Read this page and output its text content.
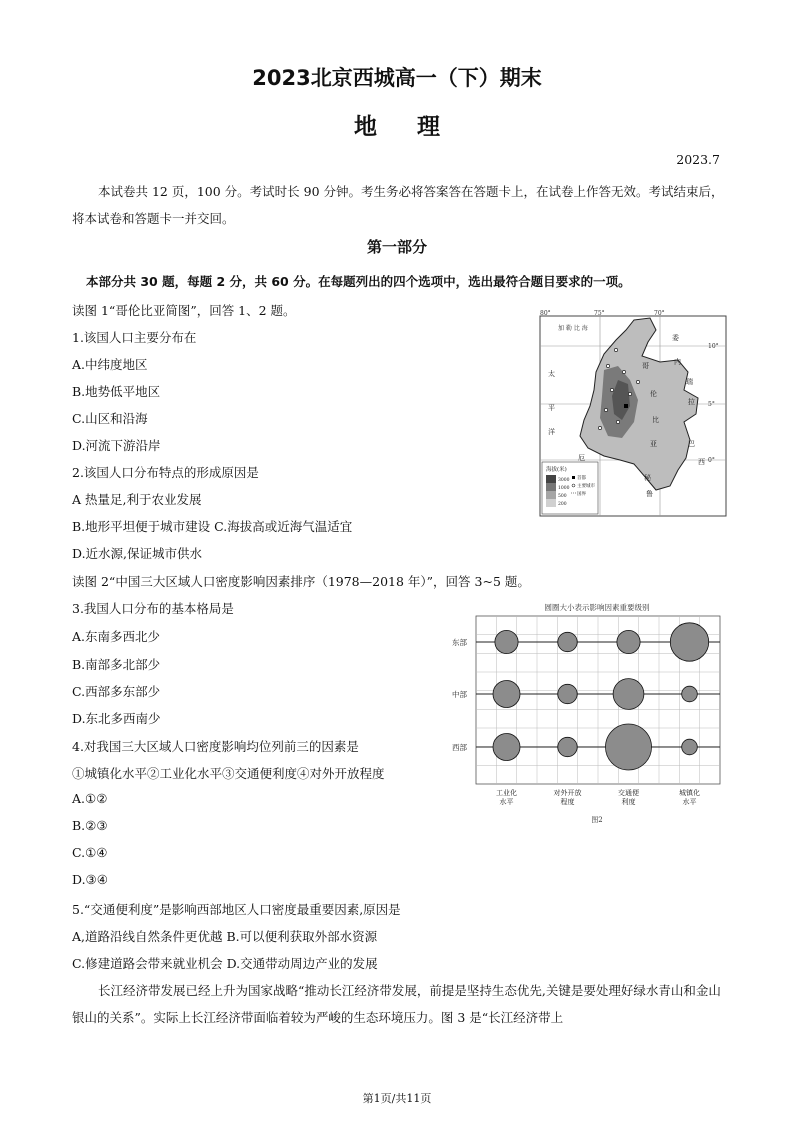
2023北京西城高一（下）期末
地理
2023.7
本试卷共 12 页，100 分。考试时长 90 分钟。考生务必将答案答在答题卡上，在试卷上作答无效。考试结束后，将本试卷和答题卡一并交回。
第一部分
本部分共 30 题，每题 2 分，共 60 分。在每题列出的四个选项中，选出最符合题目要求的一项。
读图 1“哥伦比亚简图”，回答 1、2 题。
1.该国人口主要分布在
A.中纬度地区
B.地势低平地区
C.山区和沿海
D.河流下游沿岸
2.该国人口分布特点的形成原因是
A 热量足,利于农业发展
B.地形平坦便于城市建设 C.海拔高或近海气温适宜
D.近水源,保证城市供水
读图 2“中国三大区域人口密度影响因素排序（1978—2018 年）”，回答 3~5 题。
3.我国人口分布的基本格局是
A.东南多西北少
B.南部多北部少
C.西部多东部少
D.东北多西南少
4.对我国三大区域人口密度影响均位列前三的因素是
①城镇化水平②工业化水平③交通便利度④对外开放程度
A.①②
B.②③
C.①④
D.③④
5.“交通便利度”是影响西部地区人口密度最重要因素,原因是
A,道路沿线自然条件更优越 B.可以便利获取外部水资源
C.修建道路会带来就业机会 D.交通带动周边产业的发展
长江经济带发展已经上升为国家战略“推动长江经济带发展，前提是坚持生态优先,关键是要处理好绿水青山和金山银山的关系”。实际上长江经济带面临着较为严峻的生态环境压力。图 3 是“长江经济带上
第1页/共11页
80°	75°	70°
10°
5°
0°
加 勒 比 海
委
内
瑞
拉
巴
西
秘
鲁
厄
太
平
洋
哥
伦
比
亚
海拔(米)
3000
1000
500
200
首都
主要城市
国界
圆圈大小表示影响因素重要级别
东部
中部
西部
工业化水平
对外开放程度
交通便利度
城镇化水平
图2
